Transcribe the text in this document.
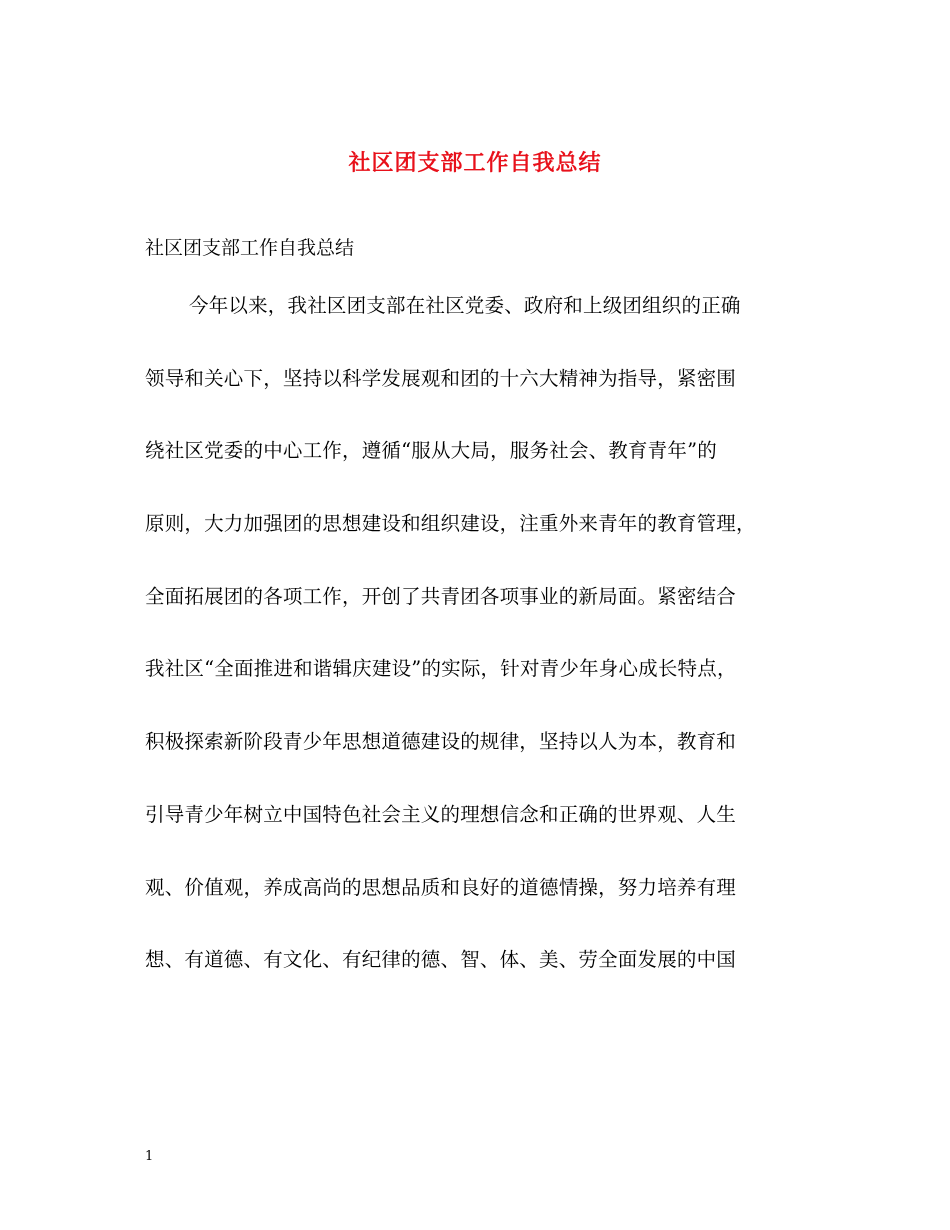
社区团支部工作自我总结

社区团支部工作自我总结

今年以来，我社区团支部在社区党委、政府和上级团组织的正确
领导和关心下，坚持以科学发展观和团的十六大精神为指导，紧密围
绕社区党委的中心工作，遵循“服从大局，服务社会、教育青年”的
原则，大力加强团的思想建设和组织建设，注重外来青年的教育管理，
全面拓展团的各项工作，开创了共青团各项事业的新局面。紧密结合
我社区“全面推进和谐辑庆建设”的实际，针对青少年身心成长特点，
积极探索新阶段青少年思想道德建设的规律，坚持以人为本，教育和
引导青少年树立中国特色社会主义的理想信念和正确的世界观、人生
观、价值观，养成高尚的思想品质和良好的道德情操，努力培养有理
想、有道德、有文化、有纪律的德、智、体、美、劳全面发展的中国

1
